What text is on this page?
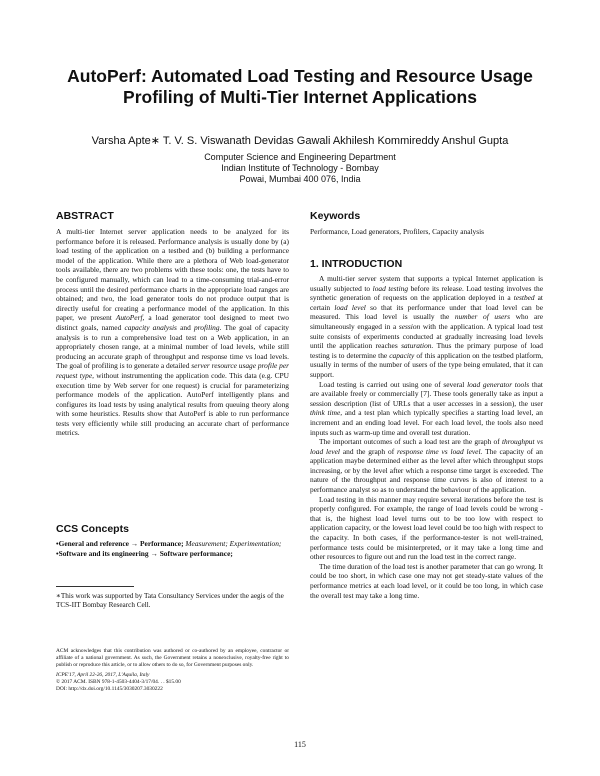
AutoPerf: Automated Load Testing and Resource Usage
Profiling of Multi-Tier Internet Applications
Varsha Apte∗ T. V. S. Viswanath Devidas Gawali Akhilesh Kommireddy Anshul Gupta
Computer Science and Engineering Department
Indian Institute of Technology - Bombay
Powai, Mumbai 400 076, India
ABSTRACT

A multi-tier Internet server application needs to be analyzed for its performance before it is released. Performance analysis is usually done by (a) load testing of the application on a testbed and (b) building a performance model of the application. While there are a plethora of Web load-generator tools available, there are two problems with these tools: one, the tests have to be configured manually, which can lead to a time-consuming trial-and-error process until the desired performance charts in the appropriate load ranges are obtained; and two, the load generator tools do not produce output that is directly useful for creating a performance model of the application. In this paper, we present AutoPerf, a load generator tool designed to meet two distinct goals, named capacity analysis and profiling. The goal of capacity analysis is to run a comprehensive load test on a Web application, in an appropriately chosen range, at a minimal number of load levels, while still producing an accurate graph of throughput and response time vs load levels. The goal of profiling is to generate a detailed server resource usage profile per request type, without instrumenting the application code. This data (e.g. CPU execution time by Web server for one request) is crucial for parameterizing performance models of the application. AutoPerf intelligently plans and configures its load tests by using analytical results from queuing theory along with some heuristics. Results show that AutoPerf is able to run performance tests very efficiently while still producing an accurate chart of performance metrics.

CCS Concepts

•General and reference → Performance; Measurement; Experimentation; •Software and its engineering → Software performance;

∗This work was supported by Tata Consultancy Services under the aegis of the TCS-IIT Bombay Research Cell.

ACM acknowledges that this contribution was authored or co-authored by an employee, contractor or affiliate of a national government. As such, the Government retains a nonexclusive, royalty-free right to publish or reproduce this article, or to allow others to do so, for Government purposes only.

ICPE'17, April 22-26, 2017, L'Aquila, Italy

© 2017 ACM. ISBN 978-1-4503-4404-3/17/04. . . $15.00

DOI: http://dx.doi.org/10.1145/3030207.3030222

Keywords

Performance, Load generators, Profilers, Capacity analysis

1. INTRODUCTION

A multi-tier server system that supports a typical Internet application is usually subjected to load testing before its release. Load testing involves the synthetic generation of requests on the application deployed in a testbed at certain load level so that its performance under that load level can be measured. This load level is usually the number of users who are simultaneously engaged in a session with the application. A typical load test suite consists of experiments conducted at gradually increasing load levels until the application reaches saturation. Thus the primary purpose of load testing is to determine the capacity of this application on the testbed platform, usually in terms of the number of users of the type being emulated, that it can support.

Load testing is carried out using one of several load generator tools that are available freely or commercially [7]. These tools generally take as input a session description (list of URLs that a user accesses in a session), the user think time, and a test plan which typically specifies a starting load level, an increment and an ending load level. For each load level, the tools also need inputs such as warm-up time and overall test duration.

The important outcomes of such a load test are the graph of throughput vs load level and the graph of response time vs load level. The capacity of an application maybe determined either as the level after which throughput stops increasing, or by the level after which a response time target is exceeded. The nature of the throughput and response time curves is also of interest to a performance analyst so as to understand the behaviour of the application.

Load testing in this manner may require several iterations before the test is properly configured. For example, the range of load levels could be wrong - that is, the highest load level turns out to be too low with respect to application capacity, or the lowest load level could be too high with respect to the capacity. In both cases, if the performance-tester is not well-trained, performance tests could be misinterpreted, or it may take a long time and other resources to figure out and run the load test in the correct range.

The time duration of the load test is another parameter that can go wrong. It could be too short, in which case one may not get steady-state values of the performance metrics at each load level, or it could be too long, in which case the overall test may take a long time.

115
